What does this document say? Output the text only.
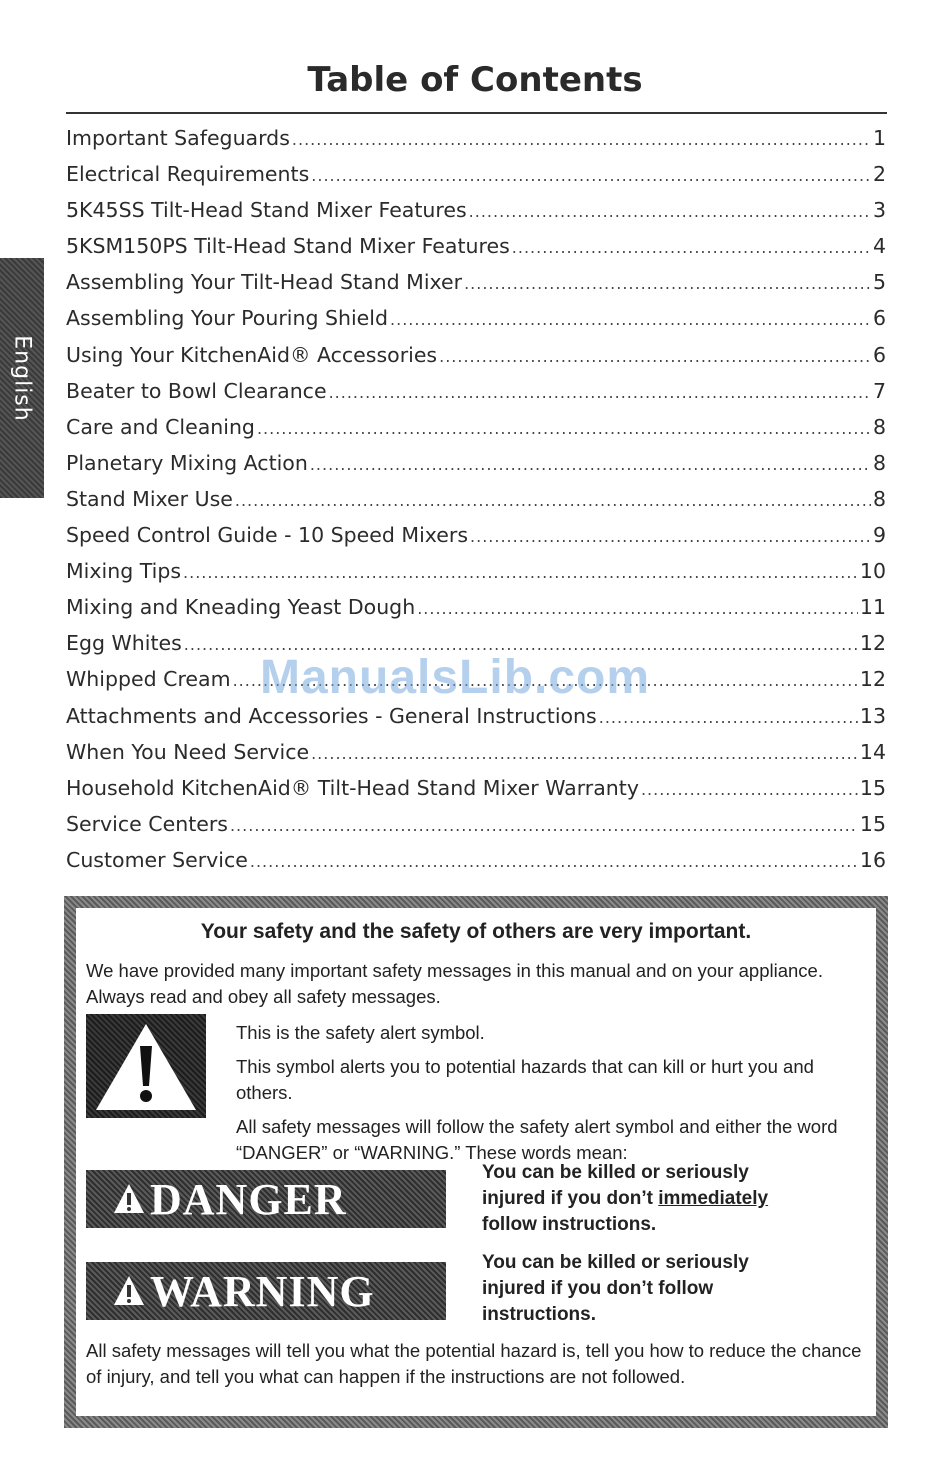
English
Table of Contents
Important Safeguards .....	1
Electrical Requirements .....	2
5K45SS Tilt-Head Stand Mixer Features .....	3
5KSM150PS Tilt-Head Stand Mixer Features .....	4
Assembling Your Tilt-Head Stand Mixer .....	5
Assembling Your Pouring Shield .....	6
Using Your KitchenAid® Accessories .....	6
Beater to Bowl Clearance .....	7
Care and Cleaning .....	8
Planetary Mixing Action .....	8
Stand Mixer Use .....	8
Speed Control Guide - 10 Speed Mixers .....	9
Mixing Tips .....	10
Mixing and Kneading Yeast Dough .....	11
Egg Whites .....	12
Whipped Cream .....	12
Attachments and Accessories - General Instructions .....	13
When You Need Service .....	14
Household KitchenAid® Tilt-Head Stand Mixer Warranty .....	15
Service Centers .....	15
Customer Service .....	16
ManualsLib.com
Your safety and the safety of others are very important.
We have provided many important safety messages in this manual and on your appliance. Always read and obey all safety messages.
This is the safety alert symbol.
This symbol alerts you to potential hazards that can kill or hurt you and others.
All safety messages will follow the safety alert symbol and either the word “DANGER” or “WARNING.” These words mean:
DANGER
You can be killed or seriously injured if you don’t immediately
follow instructions.
WARNING
You can be killed or seriously injured if you don’t follow instructions.
All safety messages will tell you what the potential hazard is, tell you how to reduce the chance of injury, and tell you what can happen if the instructions are not followed.
